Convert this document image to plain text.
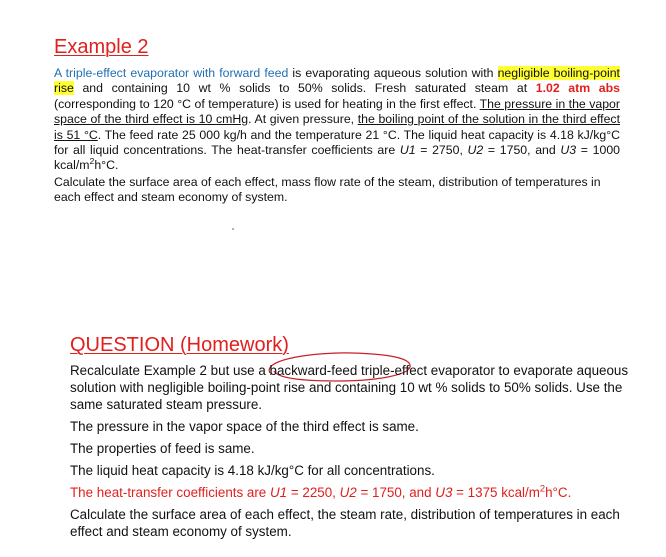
Example 2

A triple-effect evaporator with forward feed is evaporating aqueous solution with negligible boiling-point rise and containing 10 wt % solids to 50% solids. Fresh saturated steam at 1.02 atm abs (corresponding to 120 °C of temperature) is used for heating in the first effect. The pressure in the vapor space of the third effect is 10 cmHg. At given pressure, the boiling point of the solution in the third effect is 51 °C. The feed rate 25 000 kg/h and the temperature 21 °C. The liquid heat capacity is 4.18 kJ/kg°C for all liquid concentrations. The heat-transfer coefficients are U1 = 2750, U2 = 1750, and U3 = 1000 kcal/$m^2h^\circ C$.

Calculate the surface area of each effect, mass flow rate of the steam, distribution of temperatures in each effect and steam economy of system.
QUESTION (Homework)

Recalculate Example 2 but use a backward-feed triple-effect evaporator to evaporate aqueous solution with negligible boiling-point rise and containing 10 wt % solids to 50% solids. Use the same saturated steam pressure.

The pressure in the vapor space of the third effect is same.

The properties of feed is same.

The liquid heat capacity is 4.18 kJ/kg°C for all concentrations.

The heat-transfer coefficients are U1 = 2250, U2 = 1750, and U3 = 1375 kcal/$m^2h^\circ C$.

Calculate the surface area of each effect, the steam rate, distribution of temperatures in each effect and steam economy of system.
